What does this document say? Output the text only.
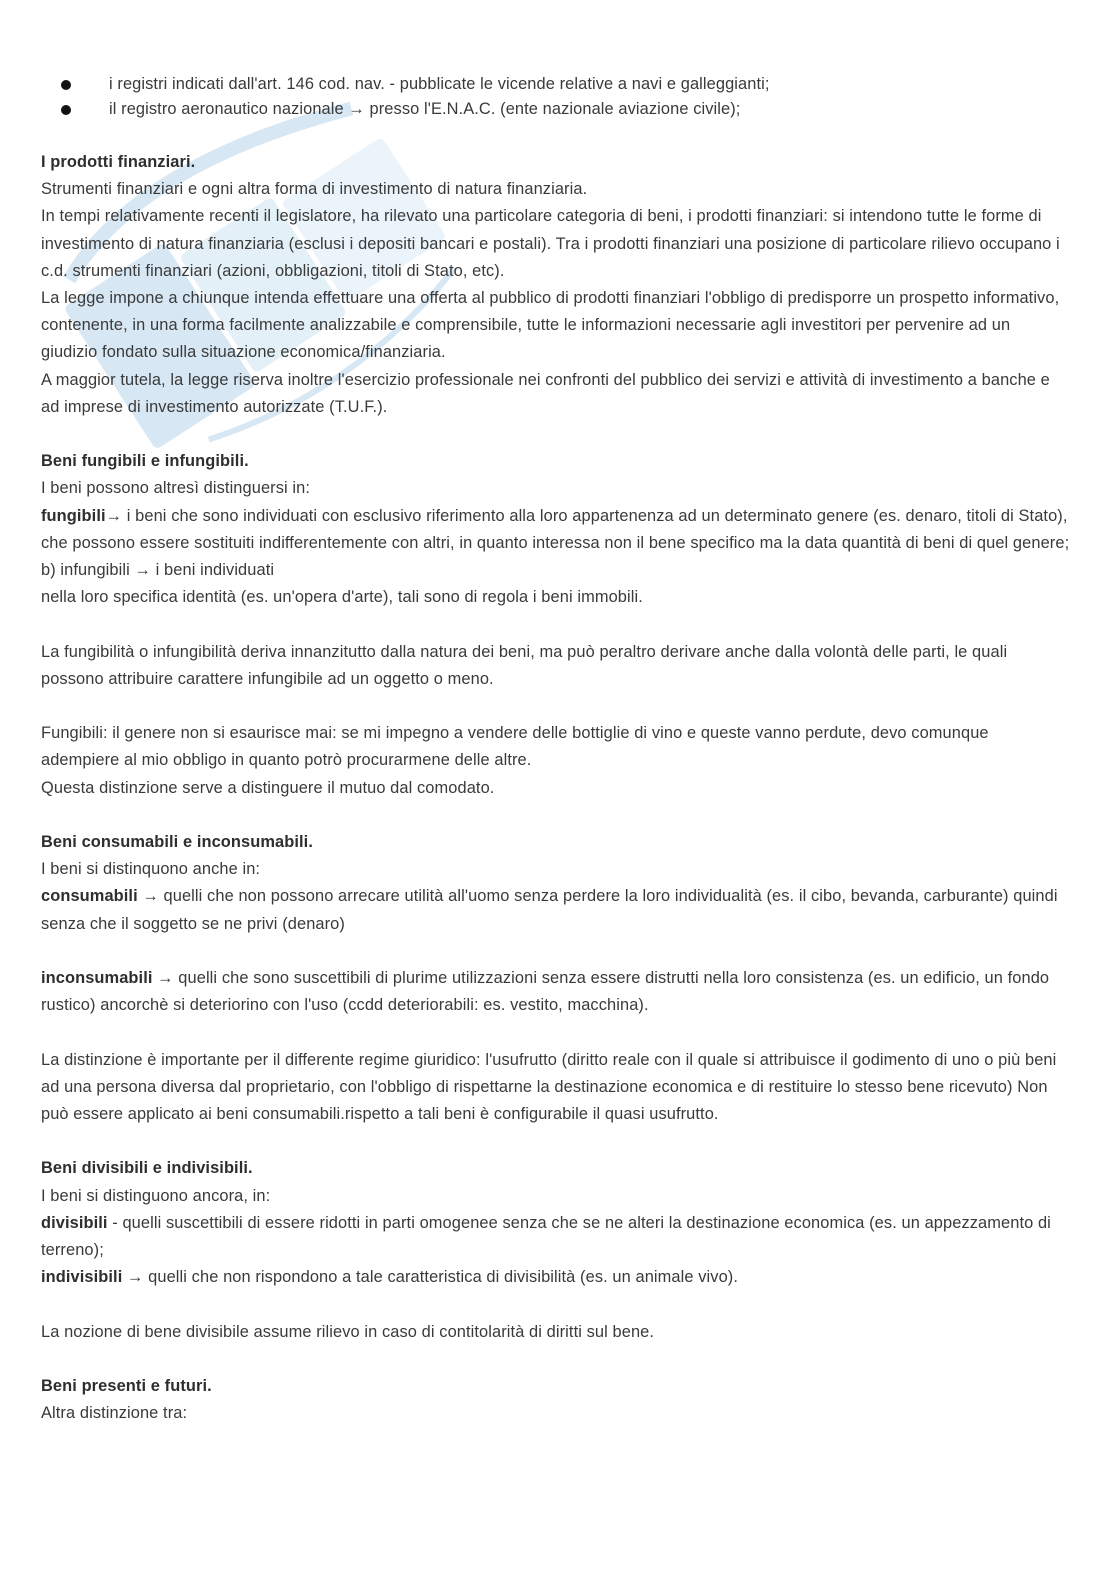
i registri indicati dall'art. 146 cod. nav. - pubblicate le vicende relative a navi e galleggianti;
il registro aeronautico nazionale → presso l'E.N.A.C. (ente nazionale aviazione civile);
I prodotti finanziari.

Strumenti finanziari e ogni altra forma di investimento di natura finanziaria.

In tempi relativamente recenti il legislatore, ha rilevato una particolare categoria di beni, i prodotti finanziari: si intendono tutte le forme di investimento di natura finanziaria (esclusi i depositi bancari e postali). Tra i prodotti finanziari una posizione di particolare rilievo occupano i c.d. strumenti finanziari (azioni, obbligazioni, titoli di Stato, etc).

La legge impone a chiunque intenda effettuare una offerta al pubblico di prodotti finanziari l'obbligo di predisporre un prospetto informativo, contenente, in una forma facilmente analizzabile e comprensibile, tutte le informazioni necessarie agli investitori per pervenire ad un giudizio fondato sulla situazione economica/finanziaria.

A maggior tutela, la legge riserva inoltre l'esercizio professionale nei confronti del pubblico dei servizi e attività di investimento a banche e ad imprese di investimento autorizzate (T.U.F.).

Beni fungibili e infungibili.

I beni possono altresì distinguersi in:

fungibili→ i beni che sono individuati con esclusivo riferimento alla loro appartenenza ad un determinato genere (es. denaro, titoli di Stato), che possono essere sostituiti indifferentemente con altri, in quanto interessa non il bene specifico ma la data quantità di beni di quel genere;

b) infungibili → i beni individuati

nella loro specifica identità (es. un'opera d'arte), tali sono di regola i beni immobili.

La fungibilità o infungibilità deriva innanzitutto dalla natura dei beni, ma può peraltro derivare anche dalla volontà delle parti, le quali possono attribuire carattere infungibile ad un oggetto o meno.

Fungibili: il genere non si esaurisce mai: se mi impegno a vendere delle bottiglie di vino e queste vanno perdute, devo comunque adempiere al mio obbligo in quanto potrò procurarmene delle altre.

Questa distinzione serve a distinguere il mutuo dal comodato.

Beni consumabili e inconsumabili.

I beni si distinquono anche in:

consumabili → quelli che non possono arrecare utilità all'uomo senza perdere la loro individualità (es. il cibo, bevanda, carburante) quindi senza che il soggetto se ne privi (denaro)

inconsumabili → quelli che sono suscettibili di plurime utilizzazioni senza essere distrutti nella loro consistenza (es. un edificio, un fondo rustico) ancorchè si deteriorino con l'uso (ccdd deteriorabili: es. vestito, macchina).

La distinzione è importante per il differente regime giuridico: l'usufrutto (diritto reale con il quale si attribuisce il godimento di uno o più beni ad una persona diversa dal proprietario, con l'obbligo di rispettarne la destinazione economica e di restituire lo stesso bene ricevuto) Non può essere applicato ai beni consumabili.rispetto a tali beni è configurabile il quasi usufrutto.

Beni divisibili e indivisibili.

I beni si distinguono ancora, in:

divisibili - quelli suscettibili di essere ridotti in parti omogenee senza che se ne alteri la destinazione economica (es. un appezzamento di terreno);

indivisibili → quelli che non rispondono a tale caratteristica di divisibilità (es. un animale vivo).

La nozione di bene divisibile assume rilievo in caso di contitolarità di diritti sul bene.

Beni presenti e futuri.

Altra distinzione tra:
